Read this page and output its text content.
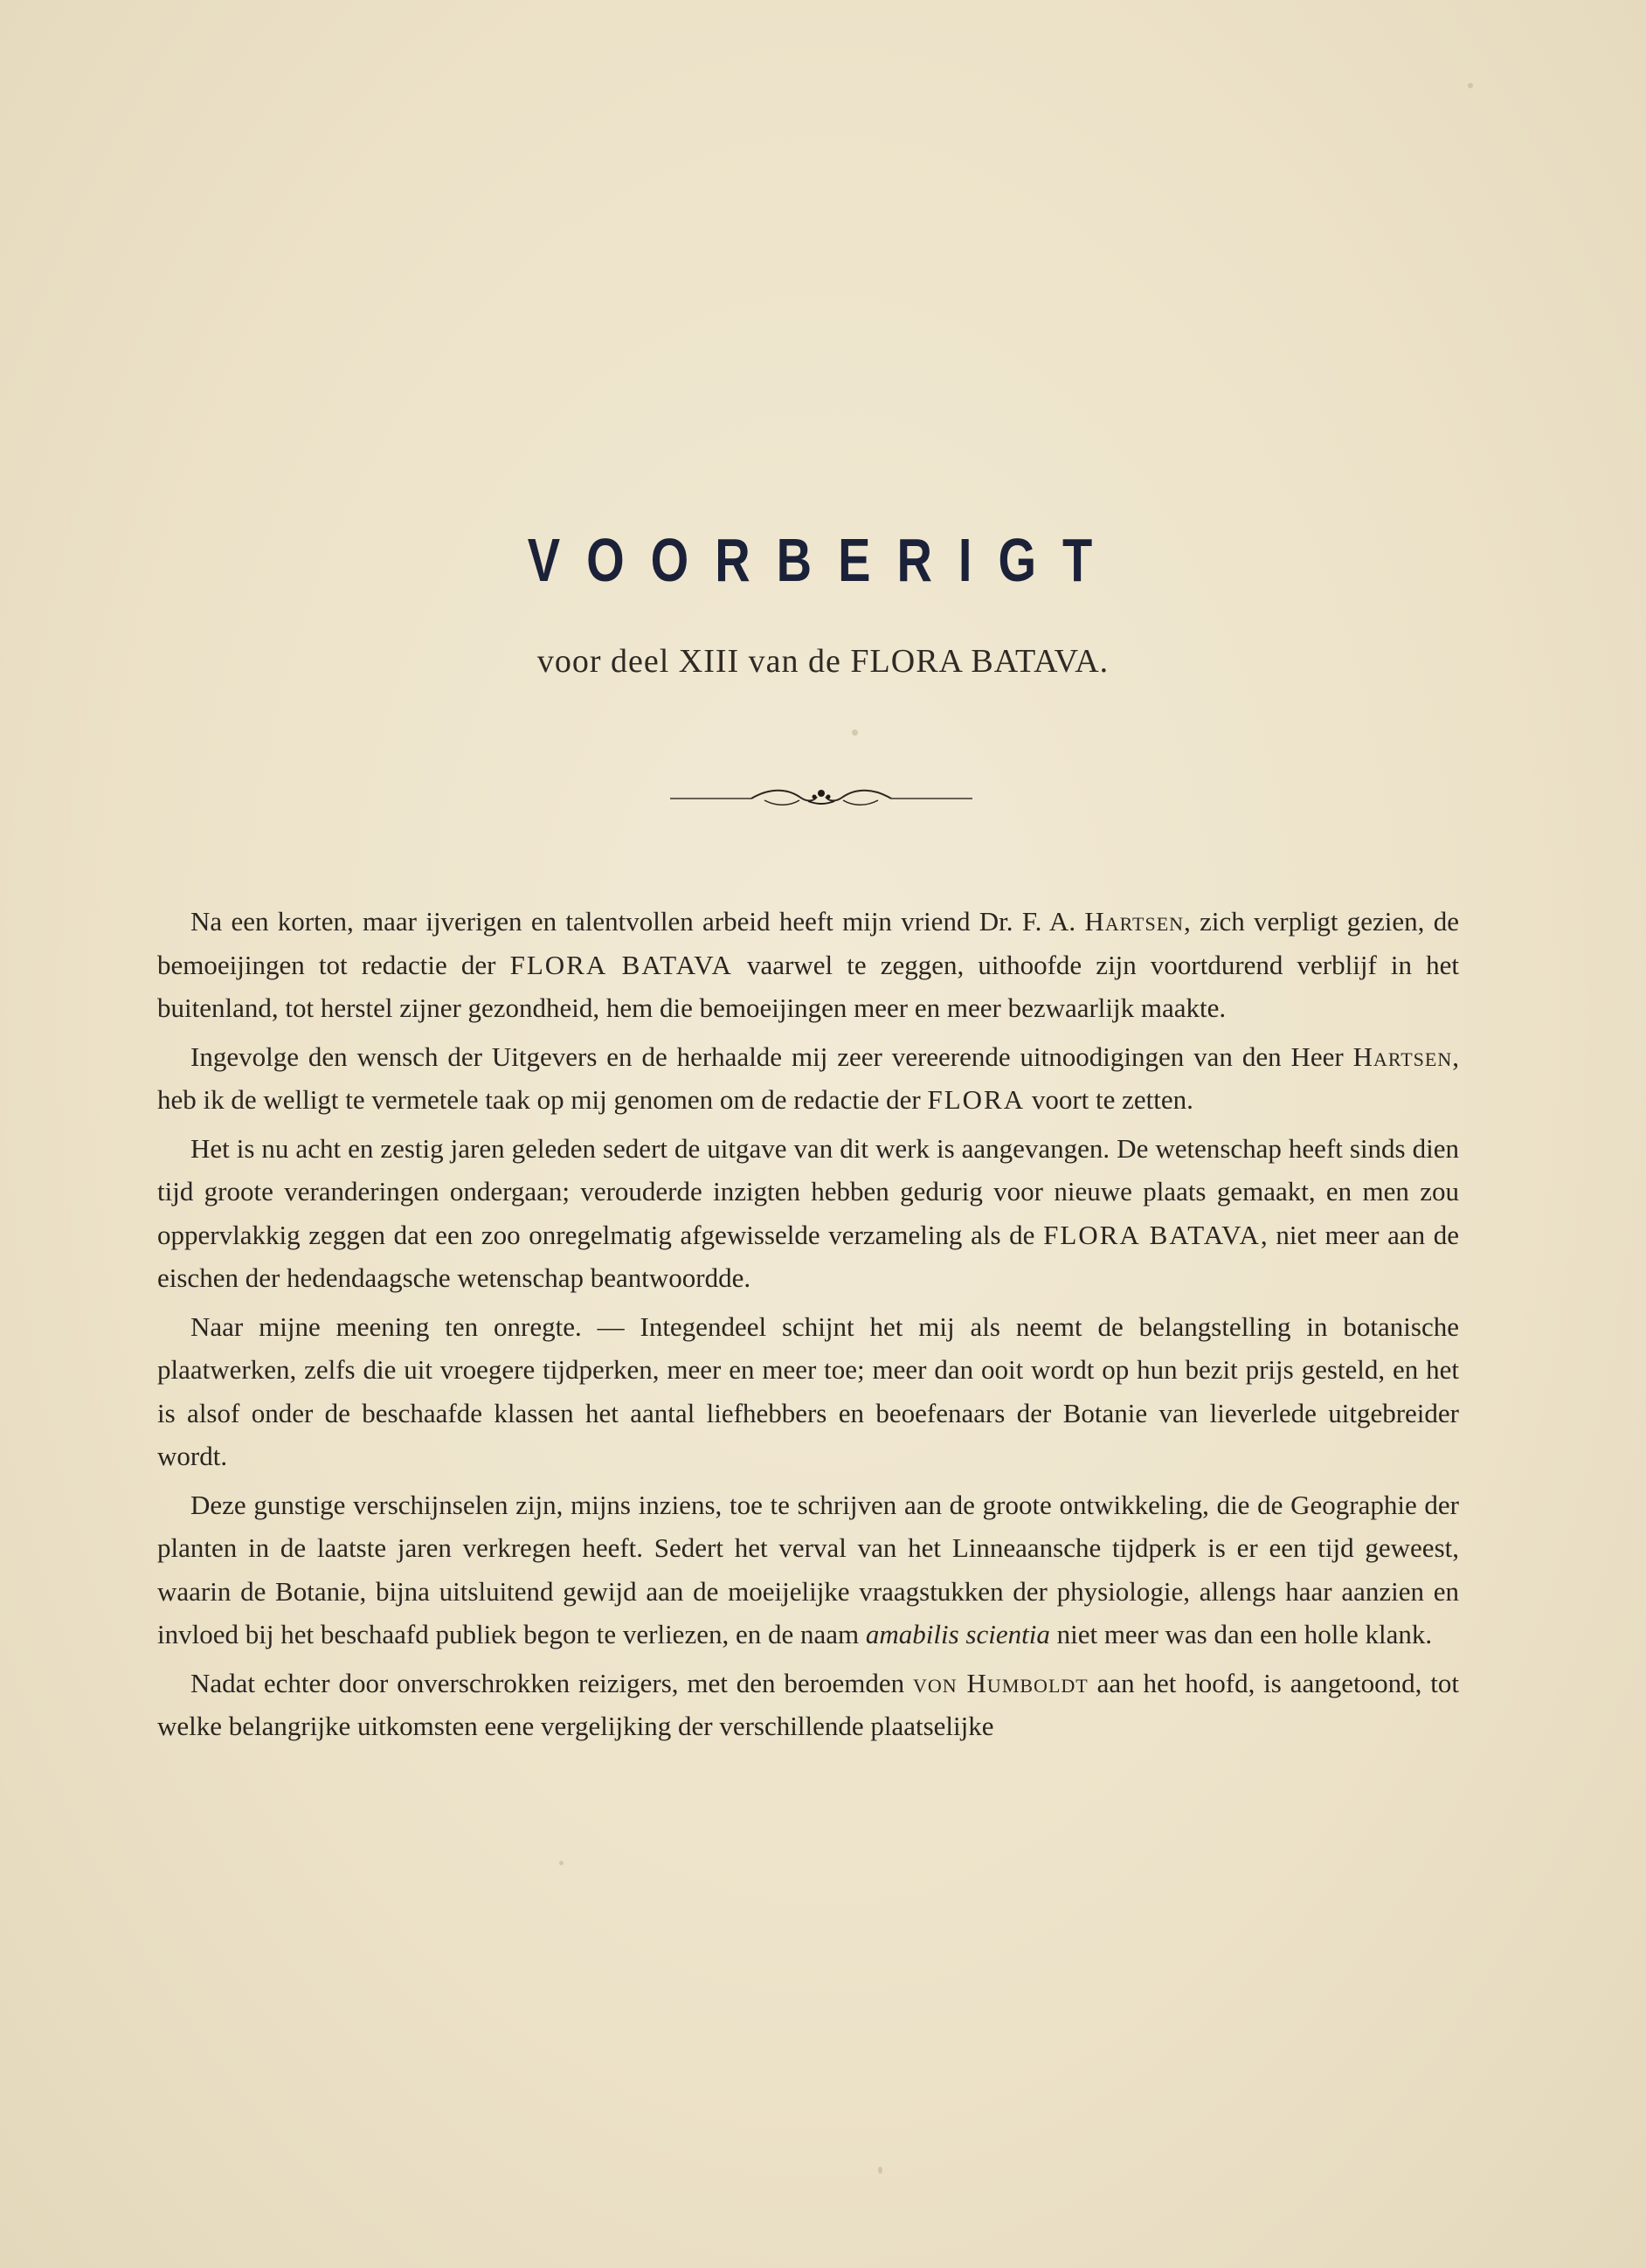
VOORBERIGT
voor deel XIII van de FLORA BATAVA.

Na een korten, maar ijverigen en talentvollen arbeid heeft mijn vriend Dr. F. A. Hartsen, zich verpligt gezien, de bemoeijingen tot redactie der FLORA BATAVA vaarwel te zeggen, uithoofde zijn voortdurend verblijf in het buitenland, tot herstel zijner gezondheid, hem die bemoeijingen meer en meer bezwaarlijk maakte.

Ingevolge den wensch der Uitgevers en de herhaalde mij zeer vereerende uitnoodigingen van den Heer Hartsen, heb ik de welligt te vermetele taak op mij genomen om de redactie der FLORA voort te zetten.

Het is nu acht en zestig jaren geleden sedert de uitgave van dit werk is aangevangen. De wetenschap heeft sinds dien tijd groote veranderingen ondergaan; verouderde inzigten hebben gedurig voor nieuwe plaats gemaakt, en men zou oppervlakkig zeggen dat een zoo onregelmatig afgewisselde verzameling als de FLORA BATAVA, niet meer aan de eischen der hedendaagsche wetenschap beantwoordde.

Naar mijne meening ten onregte. — Integendeel schijnt het mij als neemt de belangstelling in botanische plaatwerken, zelfs die uit vroegere tijdperken, meer en meer toe; meer dan ooit wordt op hun bezit prijs gesteld, en het is alsof onder de beschaafde klassen het aantal liefhebbers en beoefenaars der Botanie van lieverlede uitgebreider wordt.

Deze gunstige verschijnselen zijn, mijns inziens, toe te schrijven aan de groote ontwikkeling, die de Geographie der planten in de laatste jaren verkregen heeft. Sedert het verval van het Linneaansche tijdperk is er een tijd geweest, waarin de Botanie, bijna uitsluitend gewijd aan de moeijelijke vraagstukken der physiologie, allengs haar aanzien en invloed bij het beschaafd publiek begon te verliezen, en de naam amabilis scientia niet meer was dan een holle klank.

Nadat echter door onverschrokken reizigers, met den beroemden von Humboldt aan het hoofd, is aangetoond, tot welke belangrijke uitkomsten eene vergelijking der verschillende plaatselijke
